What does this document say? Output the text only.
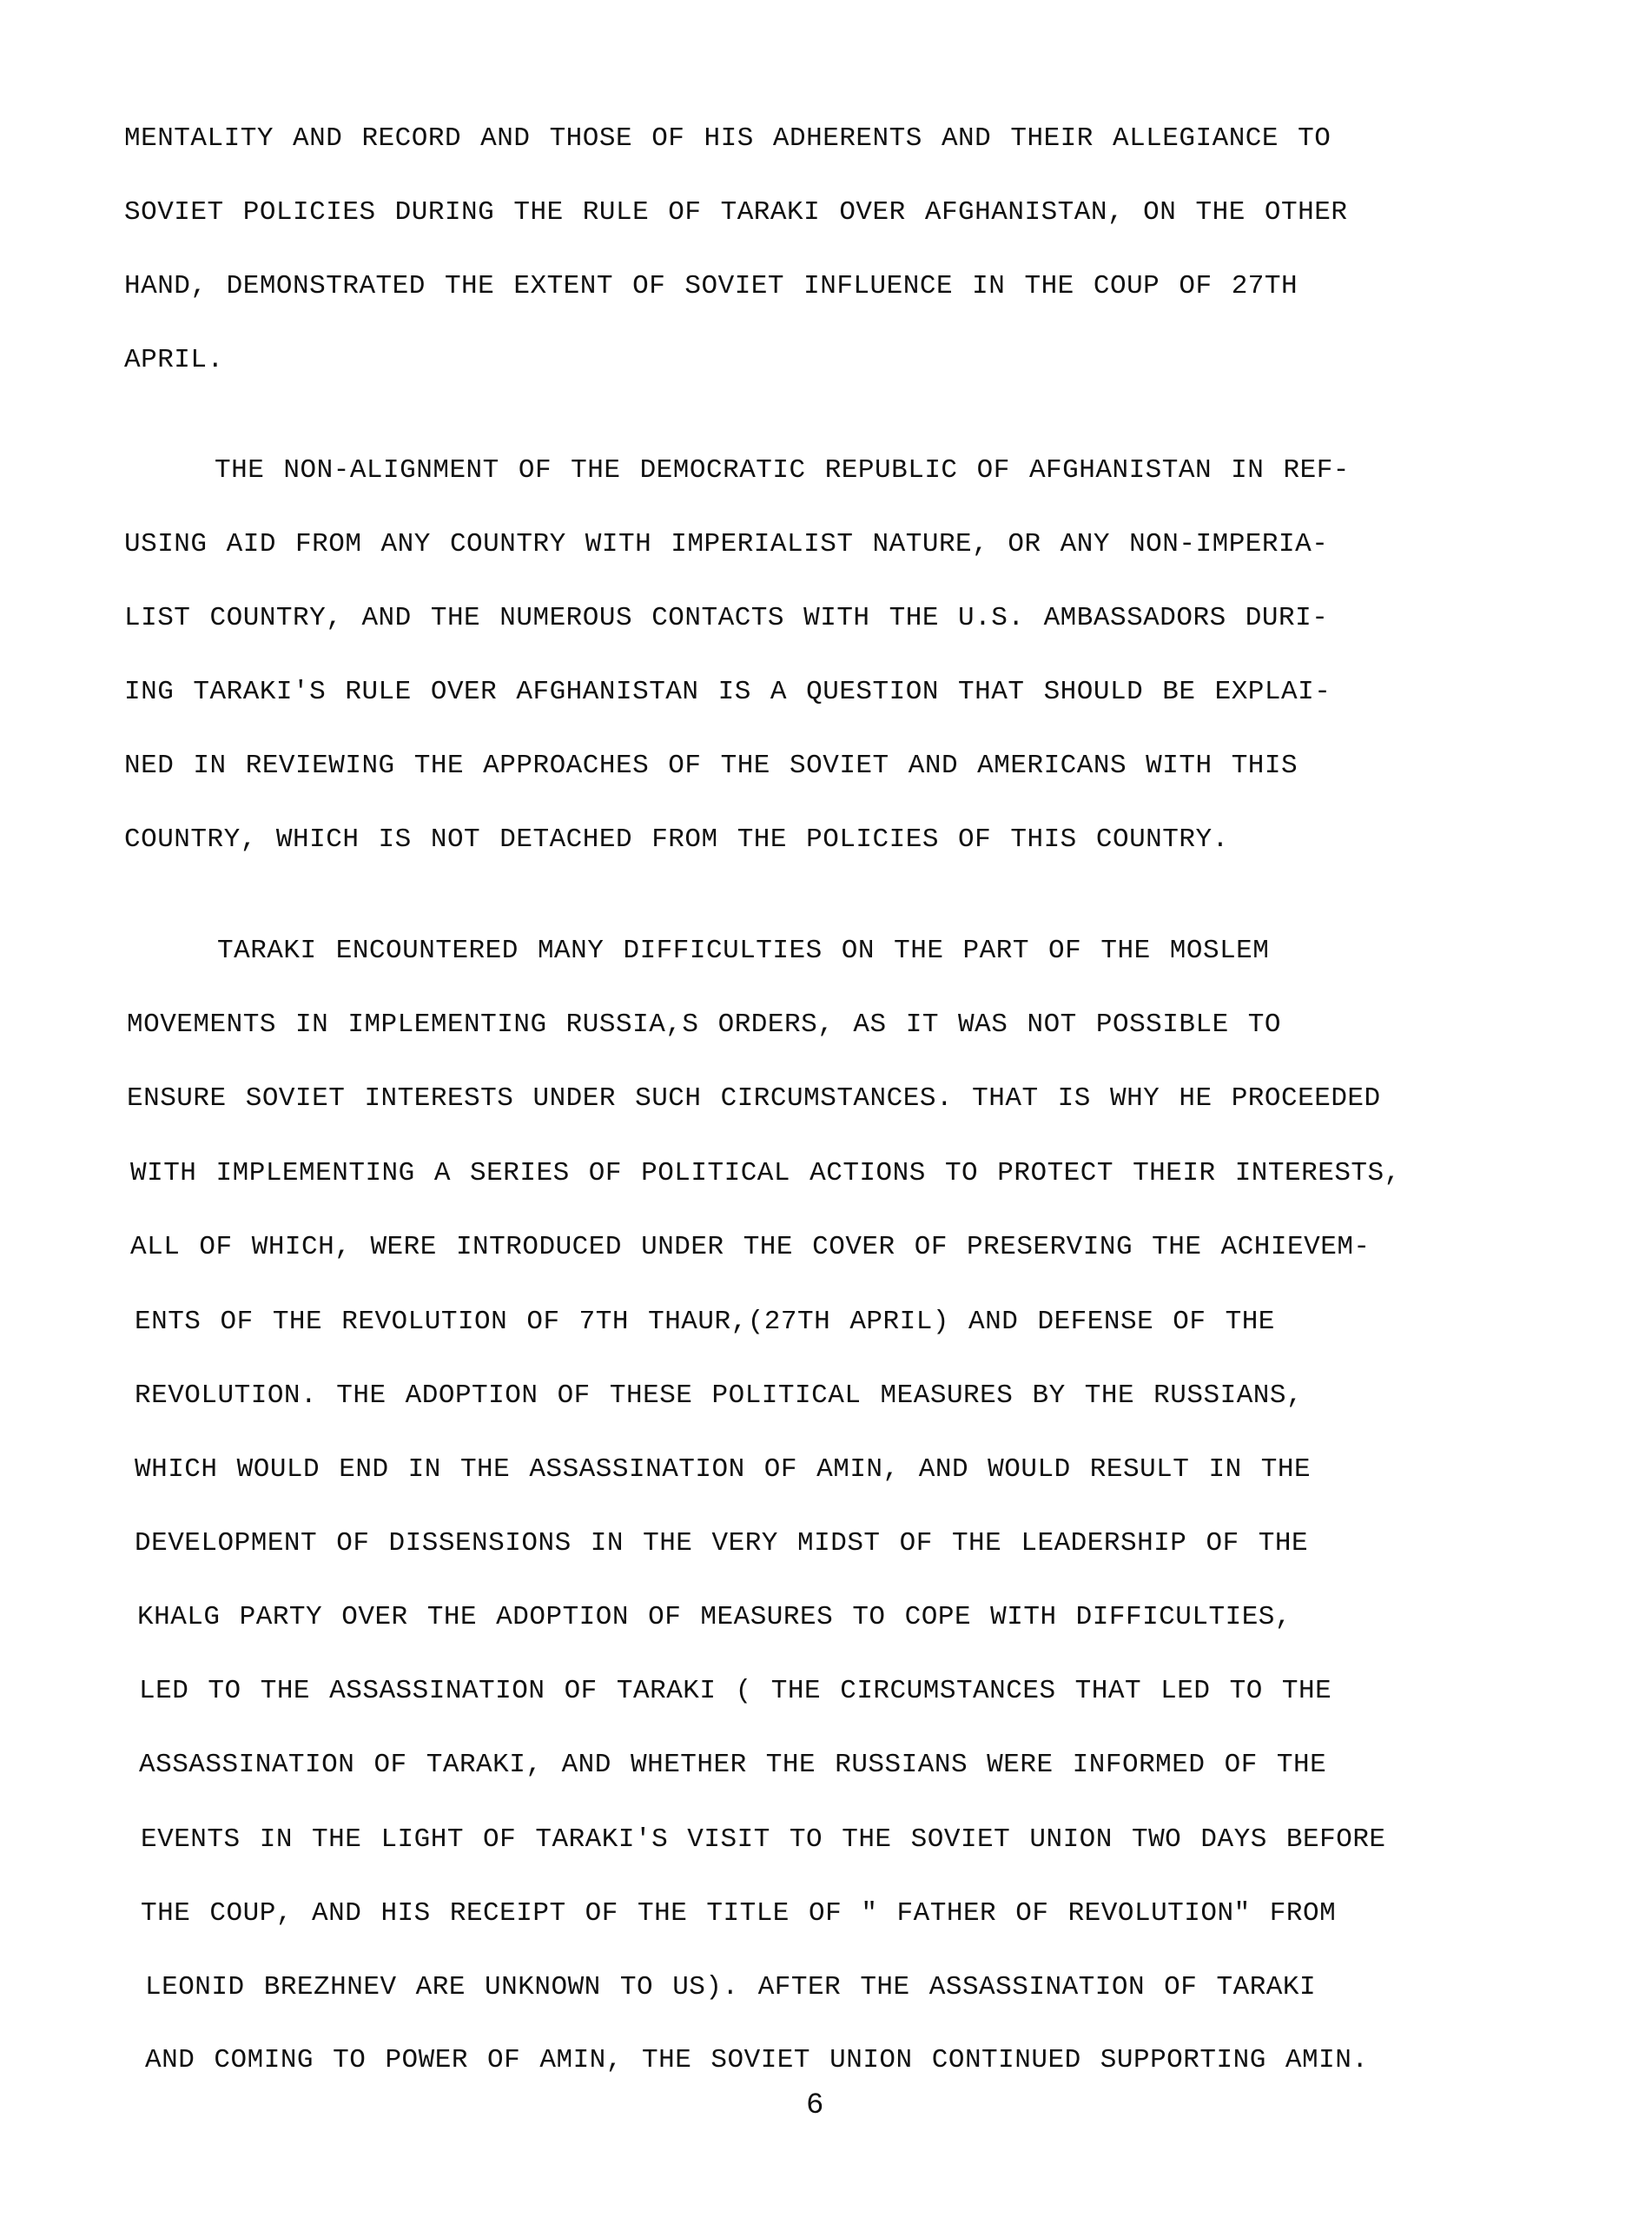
MENTALITY AND RECORD AND THOSE OF HIS ADHERENTS AND THEIR ALLEGIANCE TO
SOVIET POLICIES DURING THE RULE OF TARAKI OVER AFGHANISTAN, ON THE OTHER
HAND, DEMONSTRATED THE EXTENT OF SOVIET INFLUENCE IN THE COUP OF 27TH
APRIL.
THE NON-ALIGNMENT OF THE DEMOCRATIC REPUBLIC OF AFGHANISTAN IN REF-
USING AID FROM ANY COUNTRY WITH IMPERIALIST NATURE, OR ANY NON-IMPERIA-
LIST COUNTRY, AND THE NUMEROUS CONTACTS WITH THE U.S. AMBASSADORS DURI-
ING TARAKI'S RULE OVER AFGHANISTAN IS A QUESTION THAT SHOULD BE EXPLAI-
NED IN REVIEWING THE APPROACHES OF THE SOVIET AND AMERICANS WITH THIS
COUNTRY, WHICH IS NOT DETACHED FROM THE POLICIES OF THIS COUNTRY.
TARAKI ENCOUNTERED MANY DIFFICULTIES ON THE PART OF THE MOSLEM
MOVEMENTS IN IMPLEMENTING RUSSIA,S ORDERS, AS IT WAS NOT POSSIBLE TO
ENSURE SOVIET INTERESTS UNDER SUCH CIRCUMSTANCES. THAT IS WHY HE PROCEEDED
WITH IMPLEMENTING A SERIES OF POLITICAL ACTIONS TO PROTECT THEIR INTERESTS,
ALL OF WHICH, WERE INTRODUCED UNDER THE COVER OF PRESERVING THE ACHIEVEM-
ENTS OF THE REVOLUTION OF 7TH THAUR,(27TH APRIL) AND DEFENSE OF THE
REVOLUTION. THE ADOPTION OF THESE POLITICAL MEASURES BY THE RUSSIANS,
WHICH WOULD END IN THE ASSASSINATION OF AMIN, AND WOULD RESULT IN THE
DEVELOPMENT OF DISSENSIONS IN THE VERY MIDST OF THE LEADERSHIP OF THE
KHALG PARTY OVER THE ADOPTION OF MEASURES TO COPE WITH DIFFICULTIES,
LED TO THE ASSASSINATION OF TARAKI ( THE CIRCUMSTANCES THAT LED TO THE
ASSASSINATION OF TARAKI, AND WHETHER THE RUSSIANS WERE INFORMED OF THE
EVENTS IN THE LIGHT OF TARAKI'S VISIT TO THE SOVIET UNION TWO DAYS BEFORE
THE COUP, AND HIS RECEIPT OF THE TITLE OF " FATHER OF REVOLUTION" FROM
LEONID BREZHNEV ARE UNKNOWN TO US). AFTER THE ASSASSINATION OF TARAKI
AND COMING TO POWER OF AMIN, THE SOVIET UNION CONTINUED SUPPORTING AMIN.
6
